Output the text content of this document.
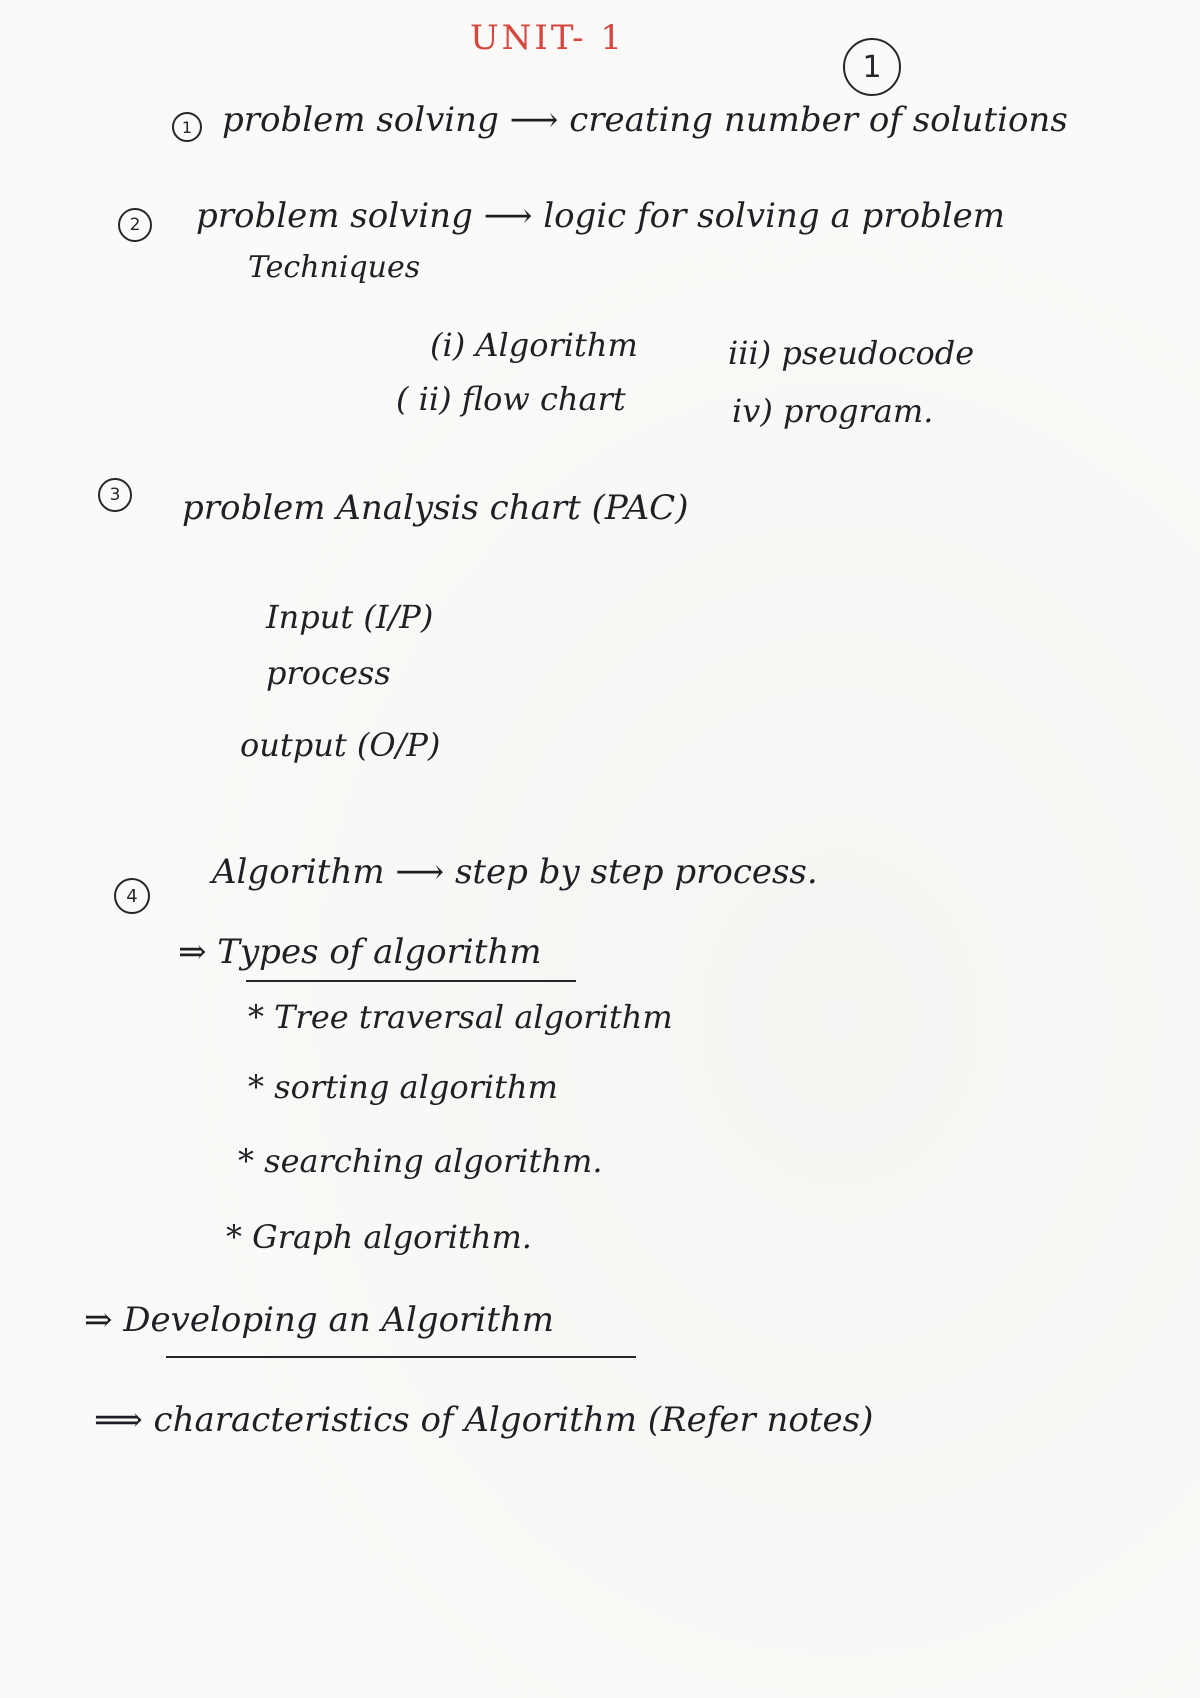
UNIT- 1
1
1 problem solving ⟶ creating number of solutions
2 problem solving ⟶ logic for solving a problem
Techniques
(i) Algorithm	iii) pseudocode
( ii) flow chart	iv) program.
3 problem Analysis chart (PAC)
Input (I/P)
process
output (O/P)
4
Algorithm ⟶ step by step process.
⇒ Types of algorithm
* Tree traversal algorithm
* sorting algorithm
* searching algorithm.
* Graph algorithm.
⇒ Developing an Algorithm
⟹ characteristics of Algorithm (Refer notes)
